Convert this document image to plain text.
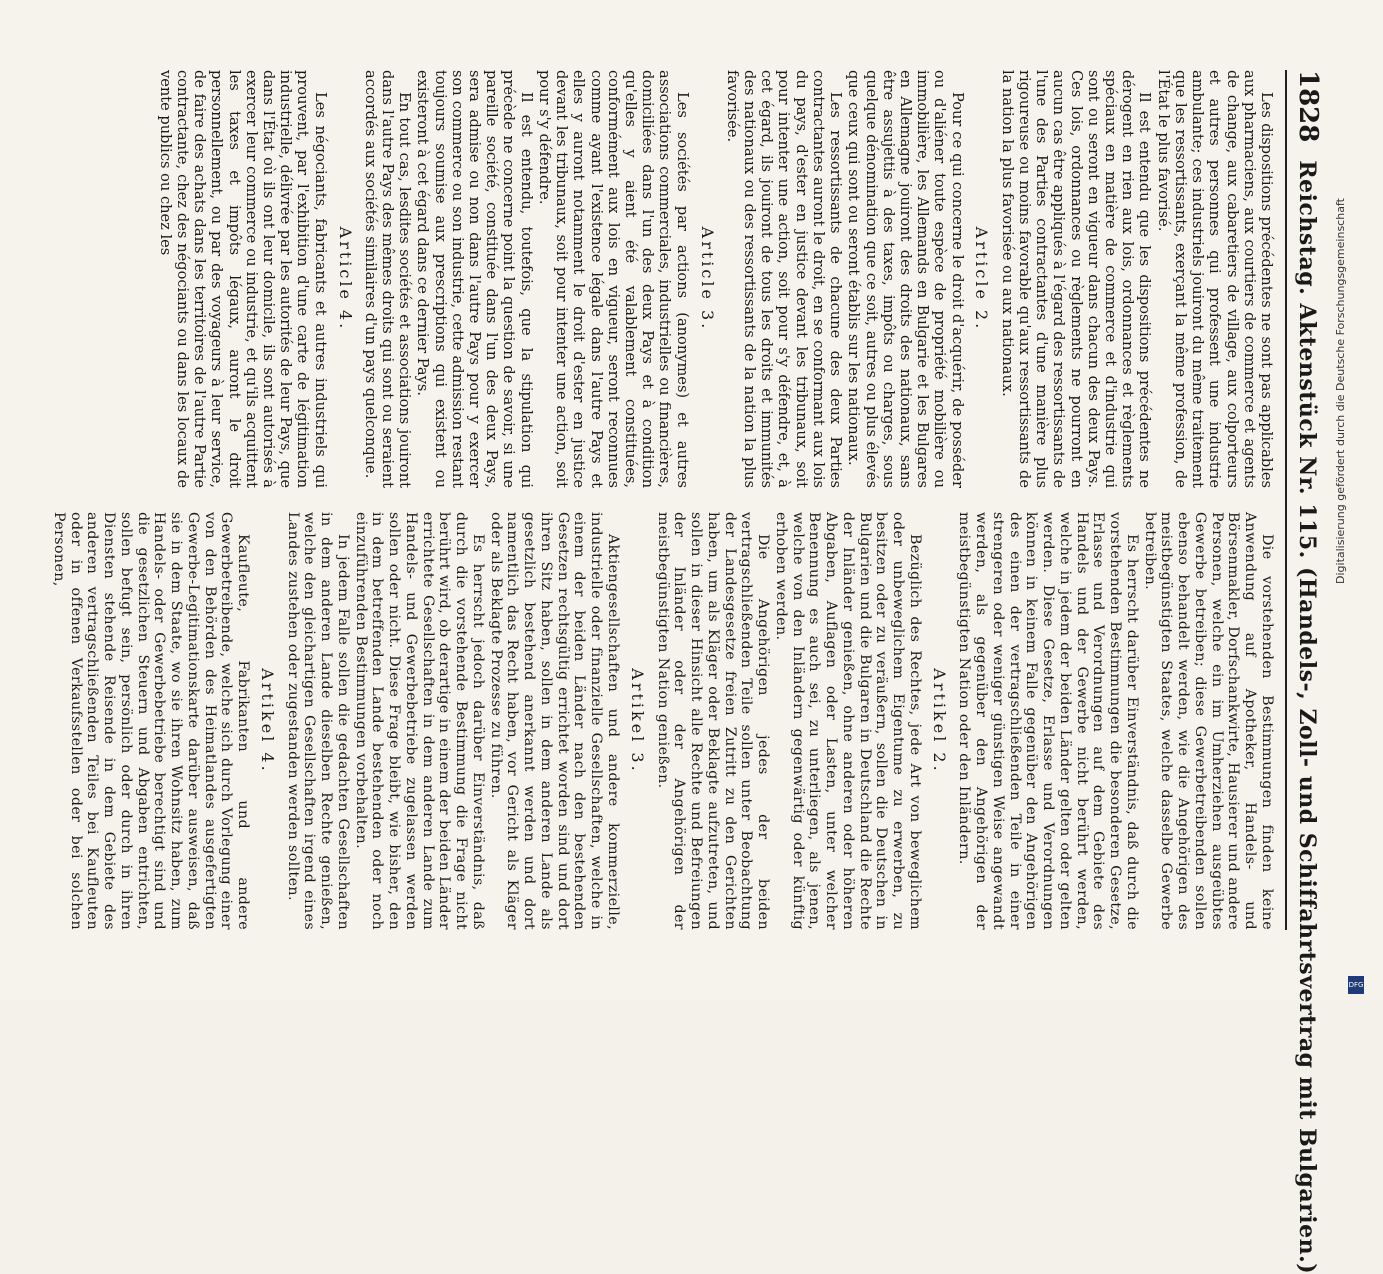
1828
Reichstag. Aktenstück Nr. 115. (Handels-, Zoll- und Schiffahrtsvertrag mit Bulgarien.)

Les dispositions précédentes ne sont pas applicables aux pharmaciens, aux courtiers de commerce et agents de change, aux cabaretiers de village, aux colporteurs et autres personnes qui professent une industrie ambulante; ces industriels jouiront du même traitement que les ressortissants, exerçant la même profession, de l'État le plus favorisé.

Il est entendu que les dispositions précédentes ne dérogent en rien aux lois, ordonnances et règlements spéciaux en matière de commerce et d'industrie qui sont ou seront en vigueur dans chacun des deux Pays. Ces lois, ordonnances ou règlements ne pourront en aucun cas être appliqués à l'égard des ressortissants de l'une des Parties contractantes d'une manière plus rigoureuse ou moins favorable qu'aux ressortissants de la nation la plus favorisée ou aux nationaux.

Article 2.

Pour ce qui concerne le droit d'acquérir, de posséder ou d'aliéner toute espèce de propriété mobilière ou immobilière, les Allemands en Bulgarie et les Bulgares en Allemagne jouiront des droits des nationaux, sans être assujettis à des taxes, impôts ou charges, sous quelque dénomination que ce soit, autres ou plus élevés que ceux qui sont ou seront établis sur les nationaux.

Les ressortissants de chacune des deux Parties contractantes auront le droit, en se conformant aux lois du pays, d'ester en justice devant les tribunaux, soit pour intenter une action, soit pour s'y défendre, et, à cet égard, ils jouiront de tous les droits et immunités des nationaux ou des ressortissants de la nation la plus favorisée.

Article 3.

Les sociétés par actions (anonymes) et autres associations commerciales, industrielles ou financières, domiciliées dans l'un des deux Pays et à condition qu'elles y aient été valablement constituées, conformément aux lois en vigueur, seront reconnues comme ayant l'existence légale dans l'autre Pays et elles y auront notamment le droit d'ester en justice devant les tribunaux, soit pour intenter une action, soit pour s'y défendre.

Il est entendu, toutefois, que la stipulation qui précède ne concerne point la question de savoir, si une pareille société, constituée dans l'un des deux Pays, sera admise ou non dans l'autre Pays pour y exercer son commerce ou son industrie, cette admission restant toujours soumise aux prescriptions qui existent ou existeront à cet égard dans ce dernier Pays.

En tout cas, lesdites sociétés et associations jouiront dans l'autre Pays des mêmes droits qui sont ou seraient accordés aux sociétés similaires d'un pays quelconque.

Article 4.

Les négociants, fabricants et autres industriels qui prouvent, par l'exhibition d'une carte de légitimation industrielle, délivrée par les autorités de leur Pays, que dans l'État où ils ont leur domicile, ils sont autorisés à exercer leur commerce ou industrie, et qu'ils acquittent les taxes et impôts légaux, auront le droit personnellement, ou par des voyageurs à leur service, de faire des achats dans les territoires de l'autre Partie contractante, chez des négociants ou dans les locaux de vente publics ou chez les

Die vorstehenden Bestimmungen finden keine Anwendung auf Apotheker, Handels- und Börsenmakler, Dorfschankwirte, Hausierer und andere Personen, welche ein im Umherziehen ausgeübtes Gewerbe betreiben; diese Gewerbetreibenden sollen ebenso behandelt werden, wie die Angehörigen des meistbegünstigten Staates, welche dasselbe Gewerbe betreiben.

Es herrscht darüber Einverständnis, daß durch die vorstehenden Bestimmungen die besonderen Gesetze, Erlasse und Verordnungen auf dem Gebiete des Handels und der Gewerbe nicht berührt werden, welche in jedem der beiden Länder gelten oder gelten werden. Diese Gesetze, Erlasse und Verordnungen können in keinem Falle gegenüber den Angehörigen des einen der vertragschließenden Teile in einer strengeren oder weniger günstigen Weise angewandt werden, als gegenüber den Angehörigen der meistbegünstigten Nation oder den Inländern.

Artikel 2.

Bezüglich des Rechtes, jede Art von beweglichem oder unbeweglichem Eigentume zu erwerben, zu besitzen oder zu veräußern, sollen die Deutschen in Bulgarien und die Bulgaren in Deutschland die Rechte der Inländer genießen, ohne anderen oder höheren Abgaben, Auflagen oder Lasten, unter welcher Benennung es auch sei, zu unterliegen, als jenen, welche von den Inländern gegenwärtig oder künftig erhoben werden.

Die Angehörigen jedes der beiden vertragschließenden Teile sollen unter Beobachtung der Landesgesetze freien Zutritt zu den Gerichten haben, um als Kläger oder Beklagte aufzutreten, und sollen in dieser Hinsicht alle Rechte und Befreiungen der Inländer oder der Angehörigen der meistbegünstigten Nation genießen.

Artikel 3.

Aktiengesellschaften und andere kommerzielle, industrielle oder finanzielle Gesellschaften, welche in einem der beiden Länder nach den bestehenden Gesetzen rechtsgültig errichtet worden sind und dort ihren Sitz haben, sollen in dem anderen Lande als gesetzlich bestehend anerkannt werden und dort namentlich das Recht haben, vor Gericht als Kläger oder als Beklagte Prozesse zu führen.

Es herrscht jedoch darüber Einverständnis, daß durch die vorstehende Bestimmung die Frage nicht berührt wird, ob derartige in einem der beiden Länder errichtete Gesellschaften in dem anderen Lande zum Handels- und Gewerbebetriebe zugelassen werden sollen oder nicht. Diese Frage bleibt, wie bisher, den in dem betreffenden Lande bestehenden oder noch einzuführenden Bestimmungen vorbehalten.

In jedem Falle sollen die gedachten Gesellschaften in dem anderen Lande dieselben Rechte genießen, welche den gleichartigen Gesellschaften irgend eines Landes zustehen oder zugestanden werden sollten.

Artikel 4.

Kaufleute, Fabrikanten und andere Gewerbetreibende, welche sich durch Vorlegung einer von den Behörden des Heimatlandes ausgefertigten Gewerbe-Legitimationskarte darüber ausweisen, daß sie in dem Staate, wo sie ihren Wohnsitz haben, zum Handels- oder Gewerbebetriebe berechtigt sind und die gesetzlichen Steuern und Abgaben entrichten, sollen befugt sein, persönlich oder durch in ihren Diensten stehende Reisende in dem Gebiete des anderen vertragschließenden Teiles bei Kaufleuten oder in offenen Verkaufsstellen oder bei solchen Personen,	Digitalisierung gefördert durch die Deutsche Forschungsgemeinschaft
DFG
